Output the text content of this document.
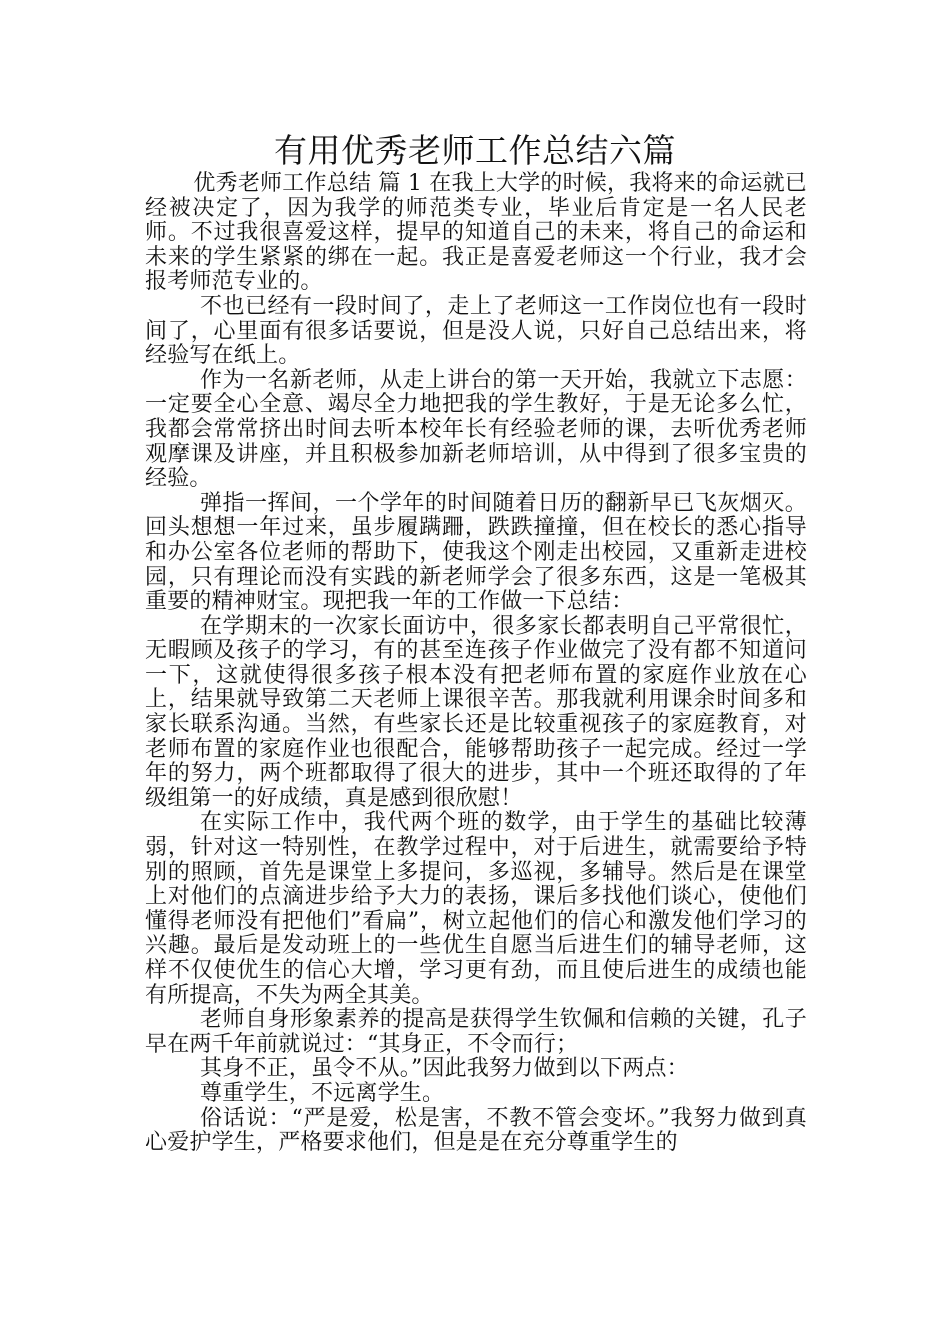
有用优秀老师工作总结六篇

优秀老师工作总结 篇 1 在我上大学的时候，我将来的命运就已经被决定了，因为我学的师范类专业，毕业后肯定是一名人民老师。不过我很喜爱这样，提早的知道自己的未来，将自己的命运和未来的学生紧紧的绑在一起。我正是喜爱老师这一个行业，我才会报考师范专业的。

不也已经有一段时间了，走上了老师这一工作岗位也有一段时间了，心里面有很多话要说，但是没人说，只好自己总结出来，将经验写在纸上。

作为一名新老师，从走上讲台的第一天开始，我就立下志愿：一定要全心全意、竭尽全力地把我的学生教好，于是无论多么忙，我都会常常挤出时间去听本校年长有经验老师的课，去听优秀老师观摩课及讲座，并且积极参加新老师培训，从中得到了很多宝贵的经验。

弹指一挥间，一个学年的时间随着日历的翻新早已飞灰烟灭。回头想想一年过来，虽步履蹒跚，跌跌撞撞，但在校长的悉心指导和办公室各位老师的帮助下，使我这个刚走出校园，又重新走进校园，只有理论而没有实践的新老师学会了很多东西，这是一笔极其重要的精神财宝。现把我一年的工作做一下总结：

在学期末的一次家长面访中，很多家长都表明自己平常很忙，无暇顾及孩子的学习，有的甚至连孩子作业做完了没有都不知道问一下，这就使得很多孩子根本没有把老师布置的家庭作业放在心上，结果就导致第二天老师上课很辛苦。那我就利用课余时间多和家长联系沟通。当然，有些家长还是比较重视孩子的家庭教育，对老师布置的家庭作业也很配合，能够帮助孩子一起完成。经过一学年的努力，两个班都取得了很大的进步，其中一个班还取得的了年级组第一的好成绩，真是感到很欣慰！

在实际工作中，我代两个班的数学，由于学生的基础比较薄弱，针对这一特别性，在教学过程中，对于后进生，就需要给予特别的照顾，首先是课堂上多提问，多巡视，多辅导。然后是在课堂上对他们的点滴进步给予大力的表扬，课后多找他们谈心，使他们懂得老师没有把他们”看扁”，树立起他们的信心和激发他们学习的兴趣。最后是发动班上的一些优生自愿当后进生们的辅导老师，这样不仅使优生的信心大增，学习更有劲，而且使后进生的成绩也能有所提高，不失为两全其美。

老师自身形象素养的提高是获得学生钦佩和信赖的关键，孔子早在两千年前就说过：“其身正，不令而行；

其身不正，虽令不从。”因此我努力做到以下两点：

尊重学生，不远离学生。

俗话说：“严是爱，松是害，不教不管会变坏。”我努力做到真心爱护学生，严格要求他们，但是是在充分尊重学生的
